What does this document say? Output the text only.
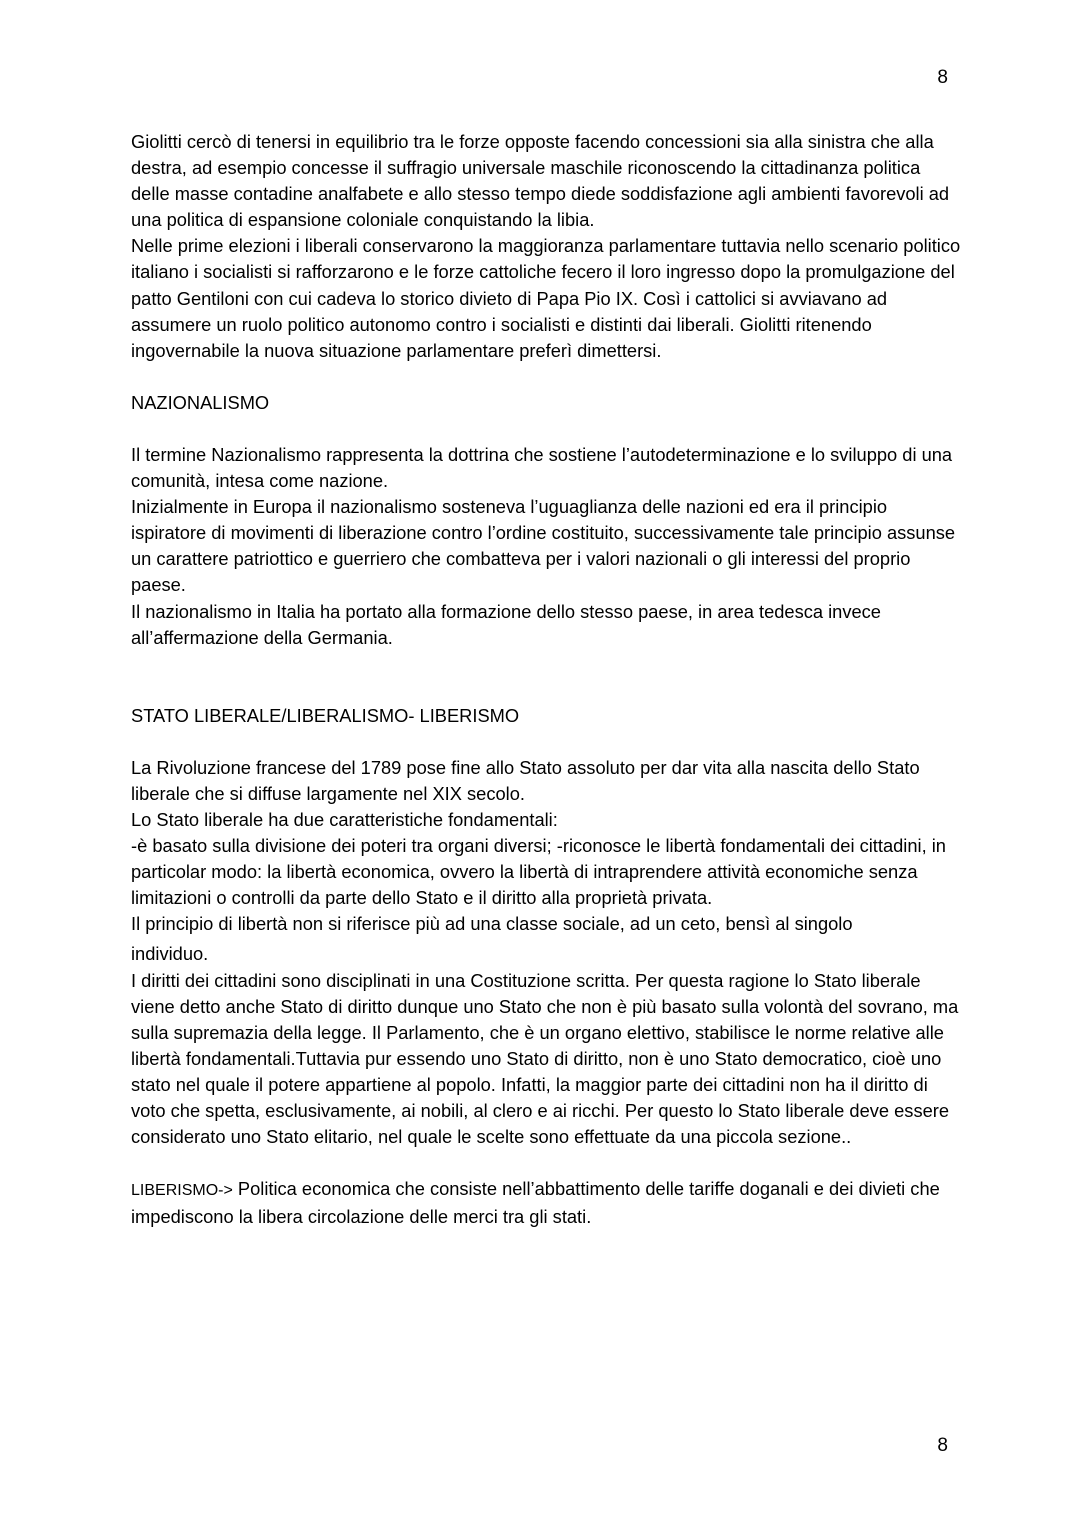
8

Giolitti cercò di tenersi in equilibrio tra le forze opposte facendo concessioni sia alla sinistra che alla destra, ad esempio concesse il suffragio universale maschile riconoscendo la cittadinanza politica delle masse contadine analfabete e allo stesso tempo diede soddisfazione agli ambienti favorevoli ad una politica di espansione coloniale conquistando la libia.

Nelle prime elezioni i liberali conservarono la maggioranza parlamentare tuttavia nello scenario politico italiano i socialisti si rafforzarono e le forze cattoliche fecero il loro ingresso dopo la promulgazione del patto Gentiloni con cui cadeva lo storico divieto di Papa Pio IX. Così i cattolici si avviavano ad assumere un ruolo politico autonomo contro i socialisti e distinti dai liberali. Giolitti ritenendo ingovernabile la nuova situazione parlamentare preferì dimettersi.

NAZIONALISMO

Il termine Nazionalismo rappresenta la dottrina che sostiene l’autodeterminazione e lo sviluppo di una comunità, intesa come nazione.

Inizialmente in Europa il nazionalismo sosteneva l’uguaglianza delle nazioni ed era il principio ispiratore di movimenti di liberazione contro l’ordine costituito, successivamente tale principio assunse un carattere patriottico e guerriero che combatteva per i valori nazionali o gli interessi del proprio paese.

Il nazionalismo in Italia ha portato alla formazione dello stesso paese, in area tedesca invece all’affermazione della Germania.

STATO LIBERALE/LIBERALISMO- LIBERISMO

La Rivoluzione francese del 1789 pose fine allo Stato assoluto per dar vita alla nascita dello Stato liberale che si diffuse largamente nel XIX secolo.

Lo Stato liberale ha due caratteristiche fondamentali:

-è basato sulla divisione dei poteri tra organi diversi; -riconosce le libertà fondamentali dei cittadini, in particolar modo: la libertà economica, ovvero la libertà di intraprendere attività economiche senza limitazioni o controlli da parte dello Stato e il diritto alla proprietà privata.

Il principio di libertà non si riferisce più ad una classe sociale, ad un ceto, bensì al singolo

individuo.

I diritti dei cittadini sono disciplinati in una Costituzione scritta. Per questa ragione lo Stato liberale viene detto anche Stato di diritto dunque uno Stato che non è più basato sulla volontà del sovrano, ma sulla supremazia della legge. Il Parlamento, che è un organo elettivo, stabilisce le norme relative alle libertà fondamentali.Tuttavia pur essendo uno Stato di diritto, non è uno Stato democratico, cioè uno stato nel quale il potere appartiene al popolo. Infatti, la maggior parte dei cittadini non ha il diritto di voto che spetta, esclusivamente, ai nobili, al clero e ai ricchi. Per questo lo Stato liberale deve essere considerato uno Stato elitario, nel quale le scelte sono effettuate da una piccola sezione..

LIBERISMO-> Politica economica che consiste nell’abbattimento delle tariffe doganali e dei divieti che impediscono la libera circolazione delle merci tra gli stati.

8
